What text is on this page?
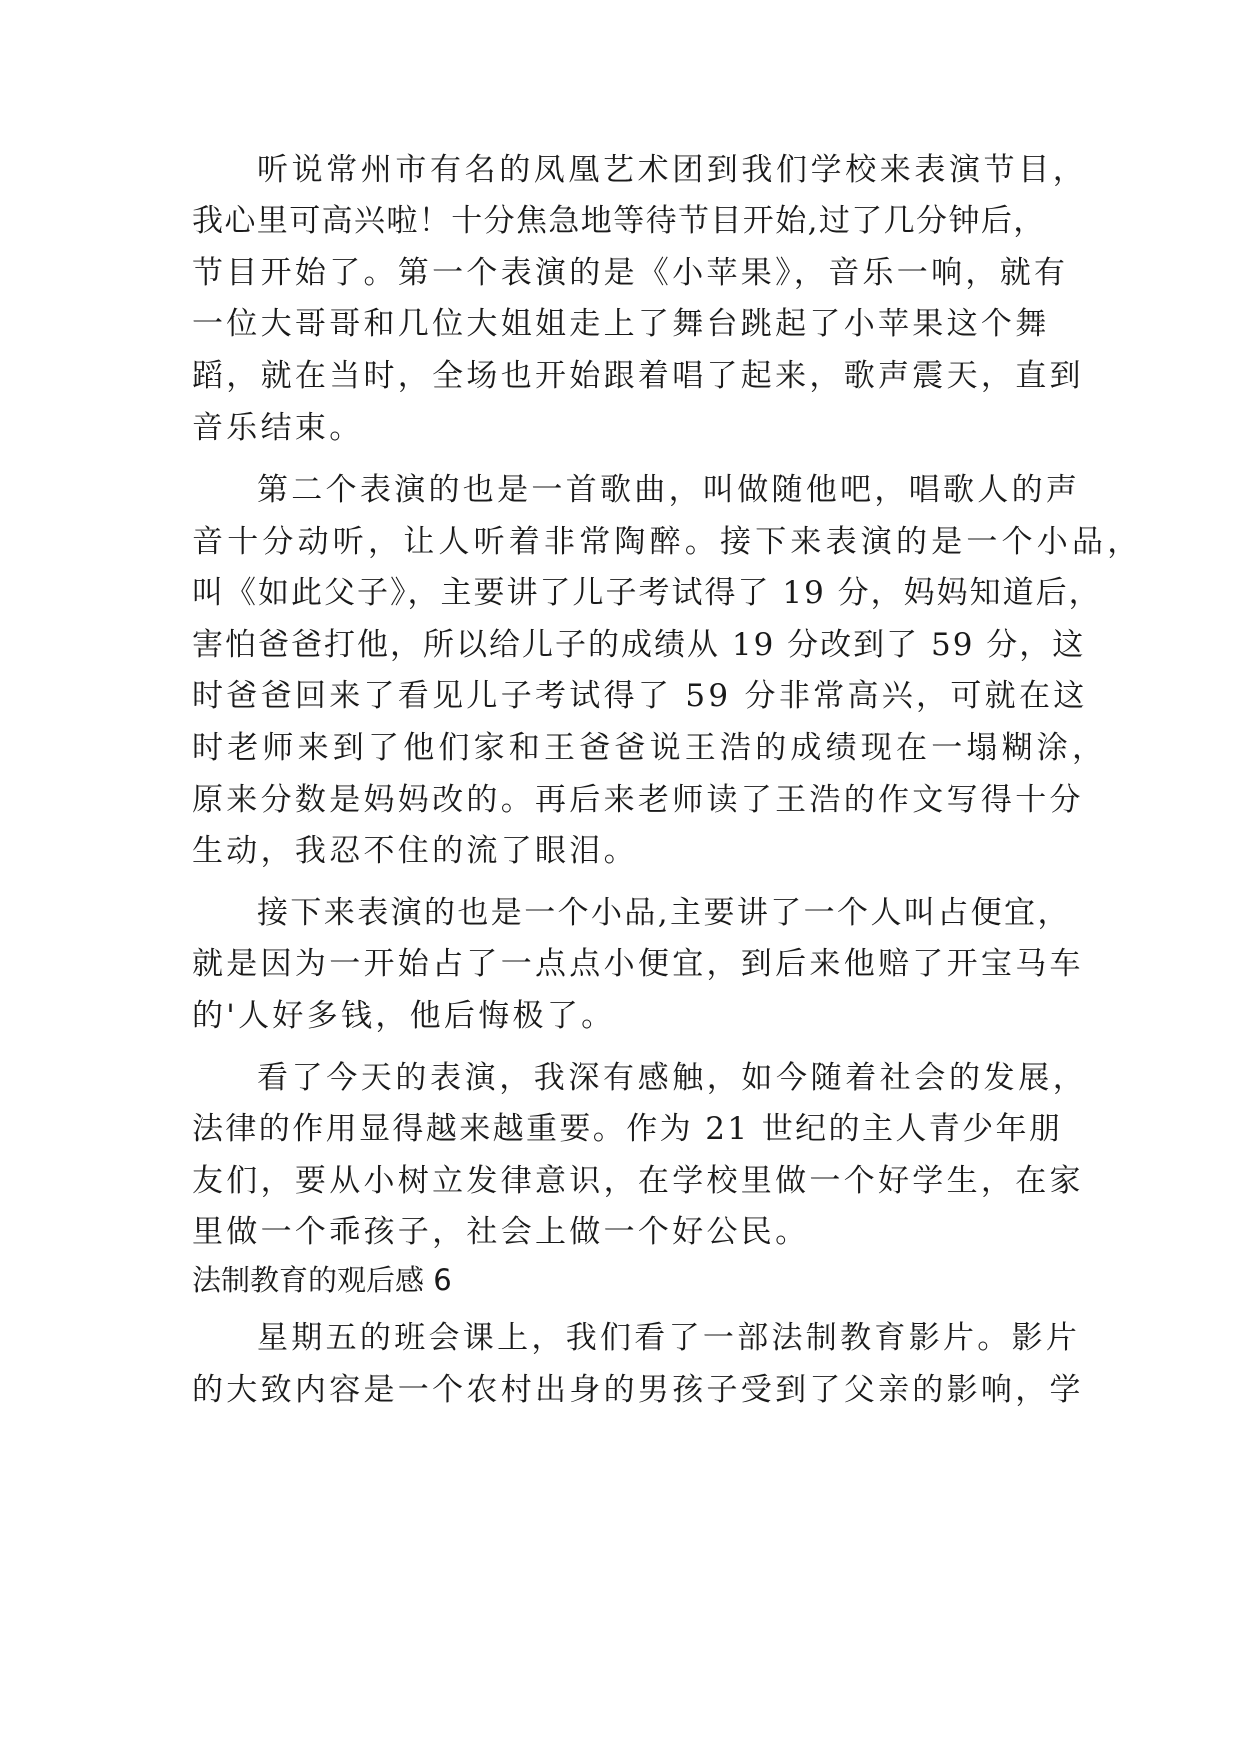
听说常州市有名的凤凰艺术团到我们学校来表演节目，
我心里可高兴啦！十分焦急地等待节目开始,过了几分钟后，
节目开始了。第一个表演的是《小苹果》，音乐一响，就有
一位大哥哥和几位大姐姐走上了舞台跳起了小苹果这个舞
蹈，就在当时，全场也开始跟着唱了起来，歌声震天，直到
音乐结束。
第二个表演的也是一首歌曲，叫做随他吧，唱歌人的声
音十分动听，让人听着非常陶醉。接下来表演的是一个小品，
叫《如此父子》，主要讲了儿子考试得了 19 分，妈妈知道后，
害怕爸爸打他，所以给儿子的成绩从 19 分改到了 59 分，这
时爸爸回来了看见儿子考试得了 59 分非常高兴，可就在这
时老师来到了他们家和王爸爸说王浩的成绩现在一塌糊涂，
原来分数是妈妈改的。再后来老师读了王浩的作文写得十分
生动，我忍不住的流了眼泪。
接下来表演的也是一个小品,主要讲了一个人叫占便宜，
就是因为一开始占了一点点小便宜，到后来他赔了开宝马车
的'人好多钱，他后悔极了。
看了今天的表演，我深有感触，如今随着社会的发展，
法律的作用显得越来越重要。作为 21 世纪的主人青少年朋
友们，要从小树立发律意识，在学校里做一个好学生，在家
里做一个乖孩子，社会上做一个好公民。
法制教育的观后感 6
星期五的班会课上，我们看了一部法制教育影片。影片
的大致内容是一个农村出身的男孩子受到了父亲的影响，学
